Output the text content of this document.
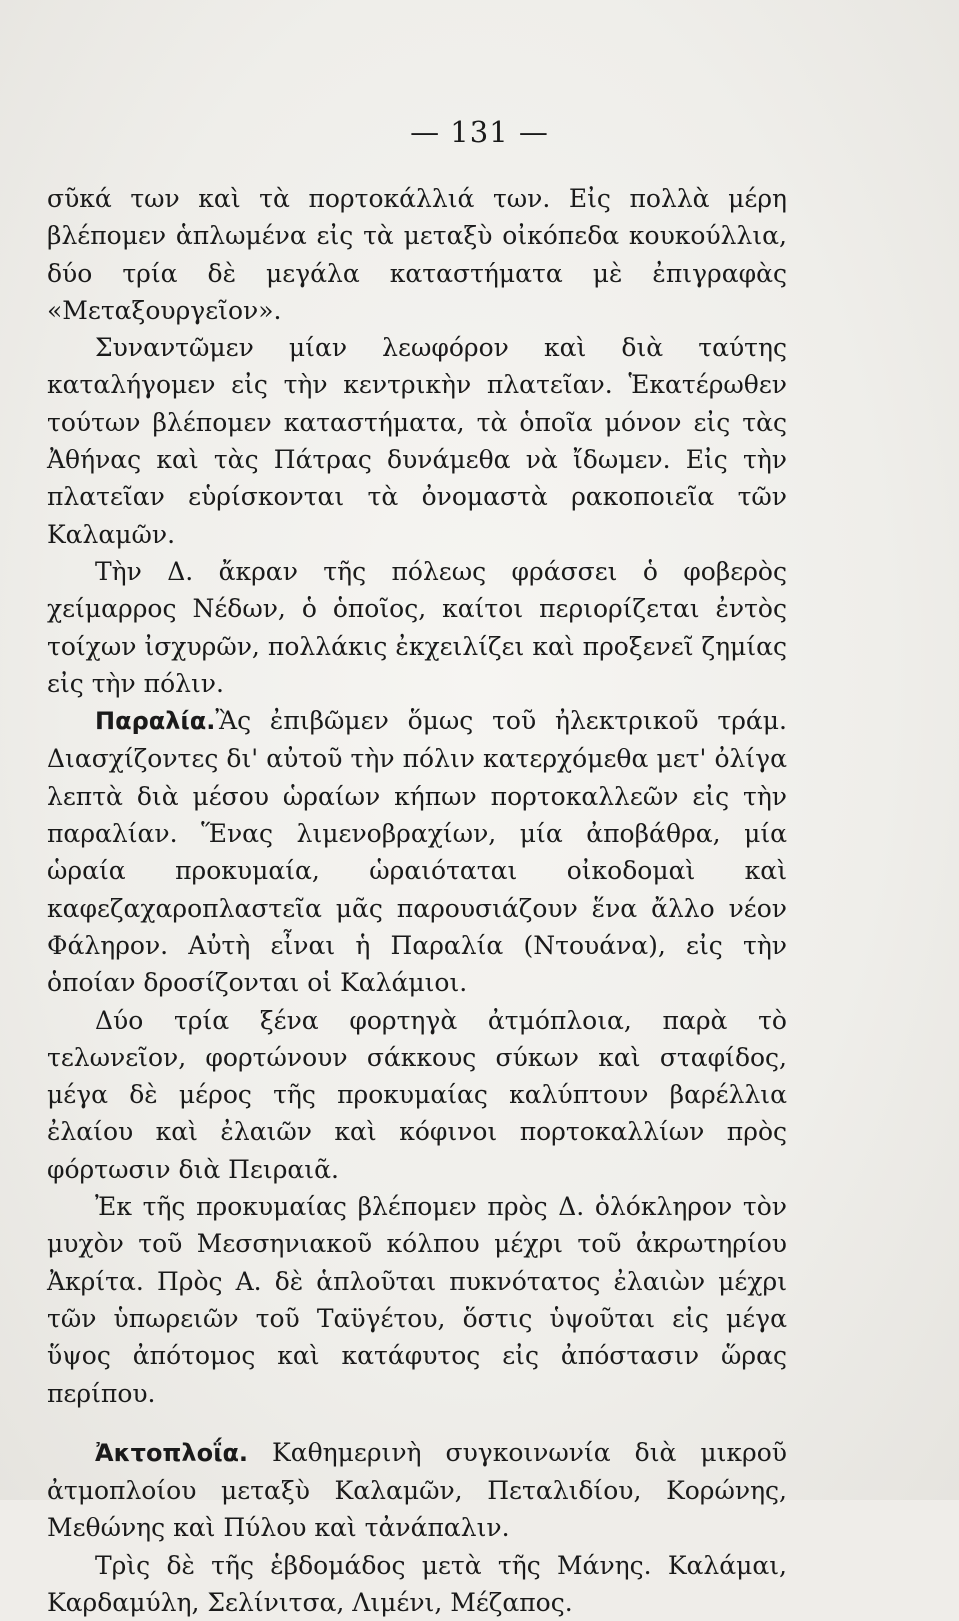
— 131 —

σῦκά των καὶ τὰ πορτοκάλλιά των. Εἰς πολλὰ μέρη βλέπομεν ἁπλωμένα εἰς τὰ μεταξὺ οἰκόπεδα κουκούλλια, δύο τρία δὲ μεγάλα καταστήματα μὲ ἐπιγραφὰς «Μεταξουργεῖον».

Συναντῶμεν μίαν λεωφόρον καὶ διὰ ταύτης καταλήγομεν εἰς τὴν κεντρικὴν πλατεῖαν. Ἑκατέρωθεν τούτων βλέπομεν καταστήματα, τὰ ὁποῖα μόνον εἰς τὰς Ἀθήνας καὶ τὰς Πάτρας δυνάμεθα νὰ ἴδωμεν. Εἰς τὴν πλατεῖαν εὑρίσκονται τὰ ὀνομαστὰ ρακοποιεῖα τῶν Καλαμῶν.

Τὴν Δ. ἄκραν τῆς πόλεως φράσσει ὁ φοβερὸς χείμαρρος Νέδων, ὁ ὁποῖος, καίτοι περιορίζεται ἐντὸς τοίχων ἰσχυρῶν, πολλάκις ἐκχειλίζει καὶ προξενεῖ ζημίας εἰς τὴν πόλιν.

Παραλία.Ἂς ἐπιβῶμεν ὅμως τοῦ ἠλεκτρικοῦ τράμ. Διασχίζοντες δι' αὐτοῦ τὴν πόλιν κατερχόμεθα μετ' ὀλίγα λεπτὰ διὰ μέσου ὡραίων κήπων πορτοκαλλεῶν εἰς τὴν παραλίαν. Ἕνας λιμενοβραχίων, μία ἀποβάθρα, μία ὡραία προκυμαία, ὡραιόταται οἰκοδομαὶ καὶ καφεζαχαροπλαστεῖα μᾶς παρουσιάζουν ἕνα ἄλλο νέον Φάληρον. Αὐτὴ εἶναι ἡ Παραλία (Ντουάνα), εἰς τὴν ὁποίαν δροσίζονται οἱ Καλάμιοι.

Δύο τρία ξένα φορτηγὰ ἀτμόπλοια, παρὰ τὸ τελωνεῖον, φορτώνουν σάκκους σύκων καὶ σταφίδος, μέγα δὲ μέρος τῆς προκυμαίας καλύπτουν βαρέλλια ἐλαίου καὶ ἐλαιῶν καὶ κόφινοι πορτοκαλλίων πρὸς φόρτωσιν διὰ Πειραιᾶ.

Ἐκ τῆς προκυμαίας βλέπομεν πρὸς Δ. ὁλόκληρον τὸν μυχὸν τοῦ Μεσσηνιακοῦ κόλπου μέχρι τοῦ ἀκρωτηρίου Ἀκρίτα. Πρὸς Α. δὲ ἁπλοῦται πυκνότατος ἐλαιὼν μέχρι τῶν ὑπωρειῶν τοῦ Ταϋγέτου, ὅστις ὑψοῦται εἰς μέγα ὕψος ἀπότομος καὶ κατάφυτος εἰς ἀπόστασιν ὥρας περίπου.

Ἀκτοπλοΐα. Καθημερινὴ συγκοινωνία διὰ μικροῦ ἀτμοπλοίου μεταξὺ Καλαμῶν, Πεταλιδίου, Κορώνης, Μεθώνης καὶ Πύλου καὶ τἀνάπαλιν.

Τρὶς δὲ τῆς ἑβδομάδος μετὰ τῆς Μάνης. Καλάμαι, Καρδαμύλη, Σελίνιτσα, Λιμένι, Μέζαπος.
